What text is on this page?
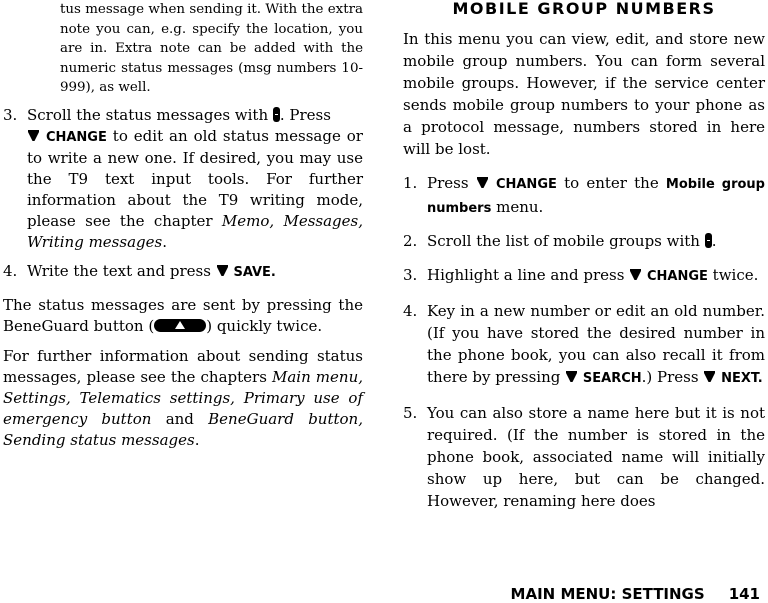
tus message when sending it. With the extra note you can, e.g. specify the location, you are in. Extra note can be added with the numeric status messages (msg numbers 10-999), as well.
3. Scroll the status messages with . Press
CHANGE to edit an old status message or to write a new one. If desired, you may use the T9 text input tools. For further information about the T9 writing mode, please see the chapter Memo, Messages, Writing messages.
4. Write the text and press  SAVE.
The status messages are sent by pressing the BeneGuard button (	) quickly twice.
For further information about sending status messages, please see the chapters Main menu, Settings, Telematics settings, Primary use of emergency button and BeneGuard button, Sending status messages.
MOBILE GROUP NUMBERS
In this menu you can view, edit, and store new mobile group numbers. You can form several mobile groups. However, if the service center sends mobile group numbers to your phone as a protocol message, numbers stored in here will be lost.
1. Press  CHANGE to enter the Mobile group numbers menu.
2. Scroll the list of mobile groups with .
3. Highlight a line and press  CHANGE twice.
4. Key in a new number or edit an old number. (If you have stored the desired number in the phone book, you can also recall it from there by pressing  SEARCH.) Press  NEXT.
5. You can also store a name here but it is not required. (If the number is stored in the phone book, associated name will initially show up here, but can be changed. However, renaming here does
MAIN MENU: SETTINGS 141
